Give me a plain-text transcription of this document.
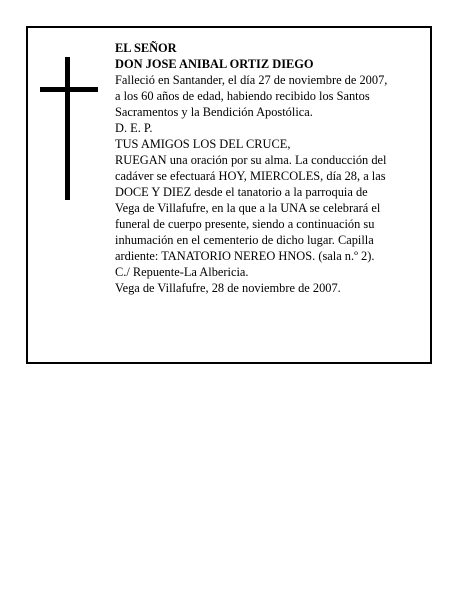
EL SEÑOR
DON JOSE ANIBAL ORTIZ DIEGO
Falleció en Santander, el día 27 de noviembre de 2007,
a los 60 años de edad, habiendo recibido los Santos
Sacramentos y la Bendición Apostólica.
D. E. P.
TUS AMIGOS LOS DEL CRUCE,
RUEGAN una oración por su alma. La conducción del
cadáver se efectuará HOY, MIERCOLES, día 28, a las
DOCE Y DIEZ desde el tanatorio a la parroquia de
Vega de Villafufre, en la que a la UNA se celebrará el
funeral de cuerpo presente, siendo a continuación su
inhumación en el cementerio de dicho lugar. Capilla
ardiente: TANATORIO NEREO HNOS. (sala n.º 2).
C./ Repuente-La Albericia.
Vega de Villafufre, 28 de noviembre de 2007.
